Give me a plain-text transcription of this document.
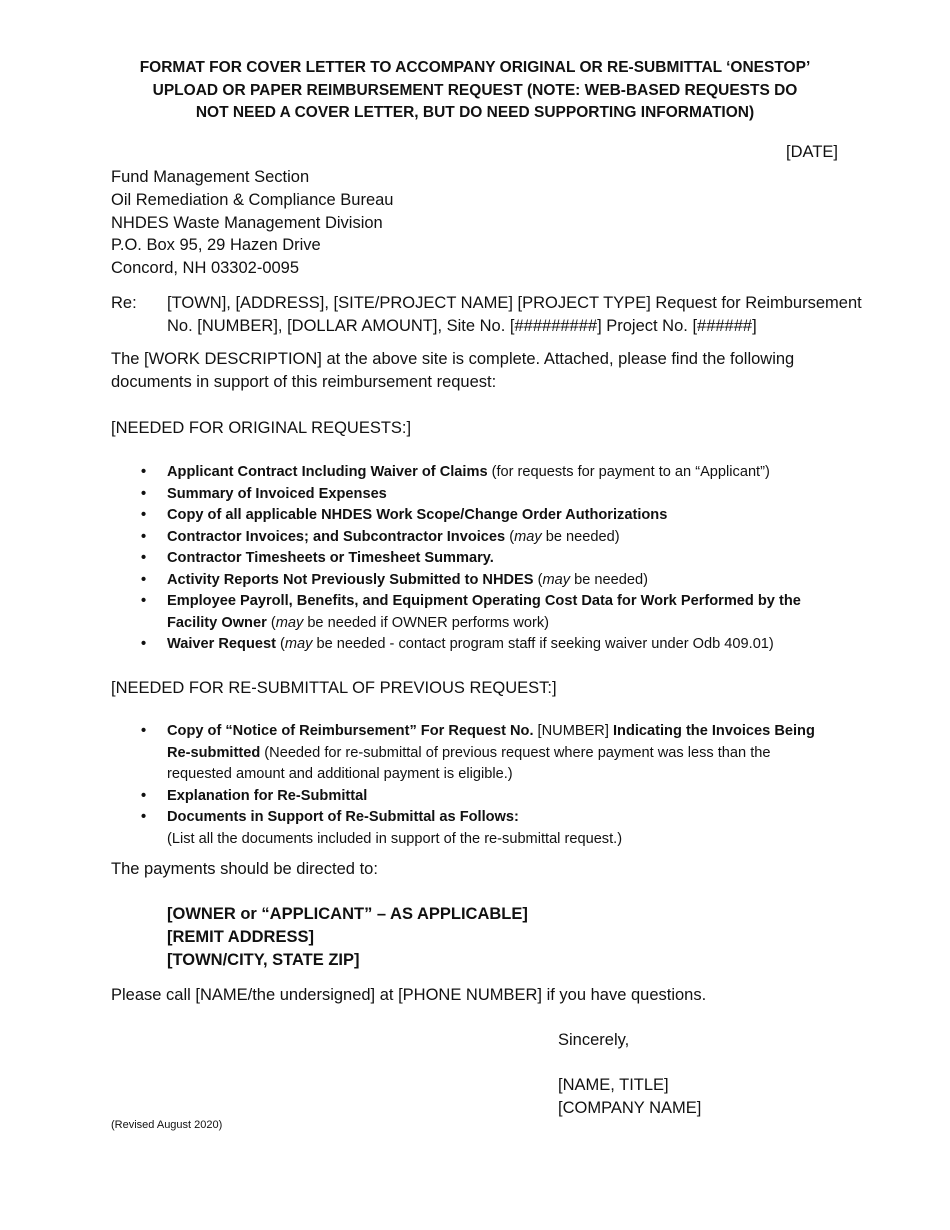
FORMAT FOR COVER LETTER TO ACCOMPANY ORIGINAL OR RE-SUBMITTAL ‘ONESTOP’
UPLOAD OR PAPER REIMBURSEMENT REQUEST (NOTE: WEB-BASED REQUESTS DO
NOT NEED A COVER LETTER, BUT DO NEED SUPPORTING INFORMATION)
[DATE]
Fund Management Section
Oil Remediation & Compliance Bureau
NHDES Waste Management Division
P.O. Box 95, 29 Hazen Drive
Concord, NH 03302-0095
Re: [TOWN], [ADDRESS], [SITE/PROJECT NAME] [PROJECT TYPE] Request for Reimbursement
No. [NUMBER], [DOLLAR AMOUNT], Site No. [#########] Project No. [######]
The [WORK DESCRIPTION] at the above site is complete. Attached, please find the following
documents in support of this reimbursement request:
[NEEDED FOR ORIGINAL REQUESTS:]
• Applicant Contract Including Waiver of Claims (for requests for payment to an “Applicant”)
• Summary of Invoiced Expenses
• Copy of all applicable NHDES Work Scope/Change Order Authorizations
• Contractor Invoices; and Subcontractor Invoices (may be needed)
• Contractor Timesheets or Timesheet Summary.
• Activity Reports Not Previously Submitted to NHDES (may be needed)
• Employee Payroll, Benefits, and Equipment Operating Cost Data for Work Performed by the
Facility Owner (may be needed if OWNER performs work)
• Waiver Request (may be needed - contact program staff if seeking waiver under Odb 409.01)
[NEEDED FOR RE-SUBMITTAL OF PREVIOUS REQUEST:]
• Copy of “Notice of Reimbursement” For Request No. [NUMBER] Indicating the Invoices Being
Re-submitted (Needed for re-submittal of previous request where payment was less than the
requested amount and additional payment is eligible.)
• Explanation for Re-Submittal
• Documents in Support of Re-Submittal as Follows:
(List all the documents included in support of the re-submittal request.)
The payments should be directed to:
[OWNER or “APPLICANT” – AS APPLICABLE]
[REMIT ADDRESS]
[TOWN/CITY, STATE ZIP]
Please call [NAME/the undersigned] at [PHONE NUMBER] if you have questions.
Sincerely,
[NAME, TITLE]
[COMPANY NAME]
(Revised August 2020)
